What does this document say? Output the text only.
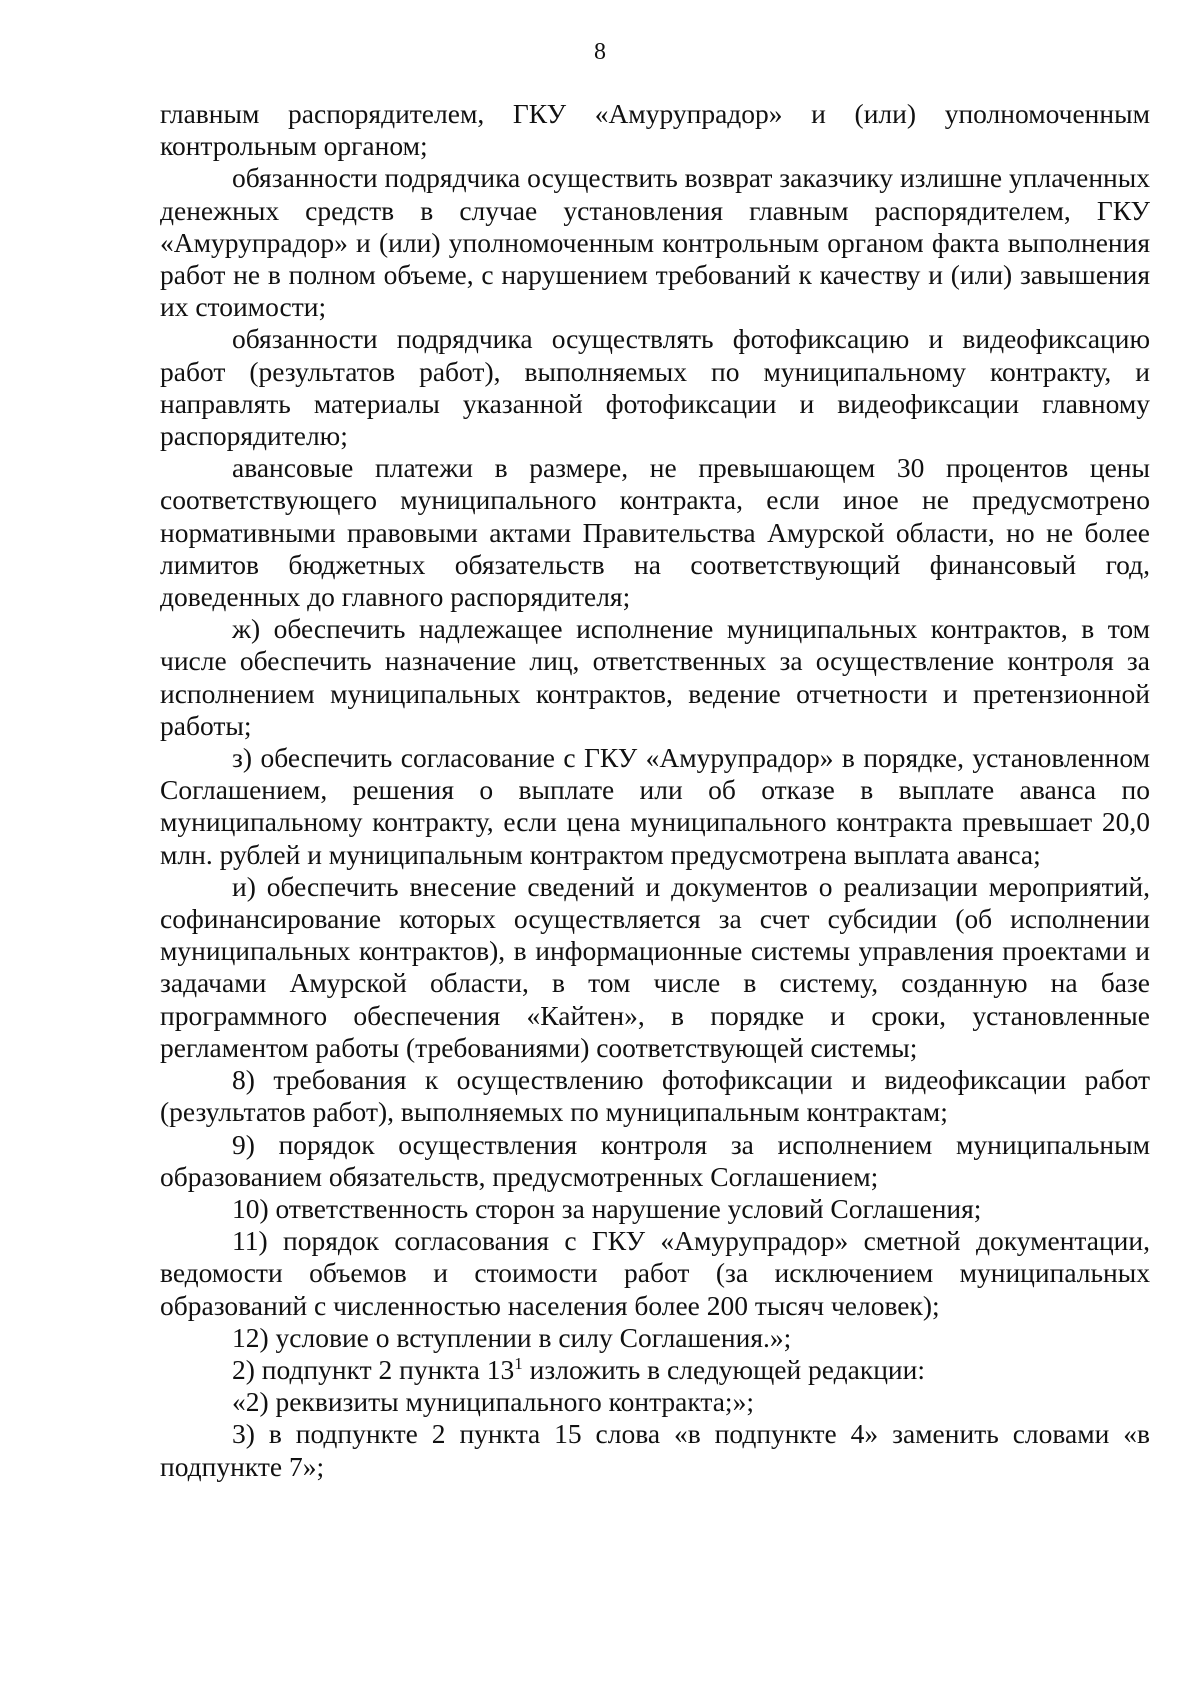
8

главным распорядителем, ГКУ «Амурупрадор» и (или) уполномоченным контрольным органом;

обязанности подрядчика осуществить возврат заказчику излишне уплаченных денежных средств в случае установления главным распорядителем, ГКУ «Амурупрадор» и (или) уполномоченным контрольным органом факта выполнения работ не в полном объеме, с нарушением требований к качеству и (или) завышения их стоимости;

обязанности подрядчика осуществлять фотофиксацию и видеофиксацию работ (результатов работ), выполняемых по муниципальному контракту, и направлять материалы указанной фотофиксации и видеофиксации главному распорядителю;

авансовые платежи в размере, не превышающем 30 процентов цены соответствующего муниципального контракта, если иное не предусмотрено нормативными правовыми актами Правительства Амурской области, но не более лимитов бюджетных обязательств на соответствующий финансовый год, доведенных до главного распорядителя;

ж) обеспечить надлежащее исполнение муниципальных контрактов, в том числе обеспечить назначение лиц, ответственных за осуществление контроля за исполнением муниципальных контрактов, ведение отчетности и претензионной работы;

з) обеспечить согласование с ГКУ «Амурупрадор» в порядке, установленном Соглашением, решения о выплате или об отказе в выплате аванса по муниципальному контракту, если цена муниципального контракта превышает 20,0 млн. рублей и муниципальным контрактом предусмотрена выплата аванса;

и) обеспечить внесение сведений и документов о реализации мероприятий, софинансирование которых осуществляется за счет субсидии (об исполнении муниципальных контрактов), в информационные системы управления проектами и задачами Амурской области, в том числе в систему, созданную на базе программного обеспечения «Кайтен», в порядке и сроки, установленные регламентом работы (требованиями) соответствующей системы;

8) требования к осуществлению фотофиксации и видеофиксации работ (результатов работ), выполняемых по муниципальным контрактам;

9) порядок осуществления контроля за исполнением муниципальным образованием обязательств, предусмотренных Соглашением;

10) ответственность сторон за нарушение условий Соглашения;

11) порядок согласования с ГКУ «Амурупрадор» сметной документации, ведомости объемов и стоимости работ (за исключением муниципальных образований с численностью населения более 200 тысяч человек);

12) условие о вступлении в силу Соглашения.»;

2) подпункт 2 пункта $13^1$ изложить в следующей редакции:

«2) реквизиты муниципального контракта;»;

3) в подпункте 2 пункта 15 слова «в подпункте 4» заменить словами «в подпункте 7»;
